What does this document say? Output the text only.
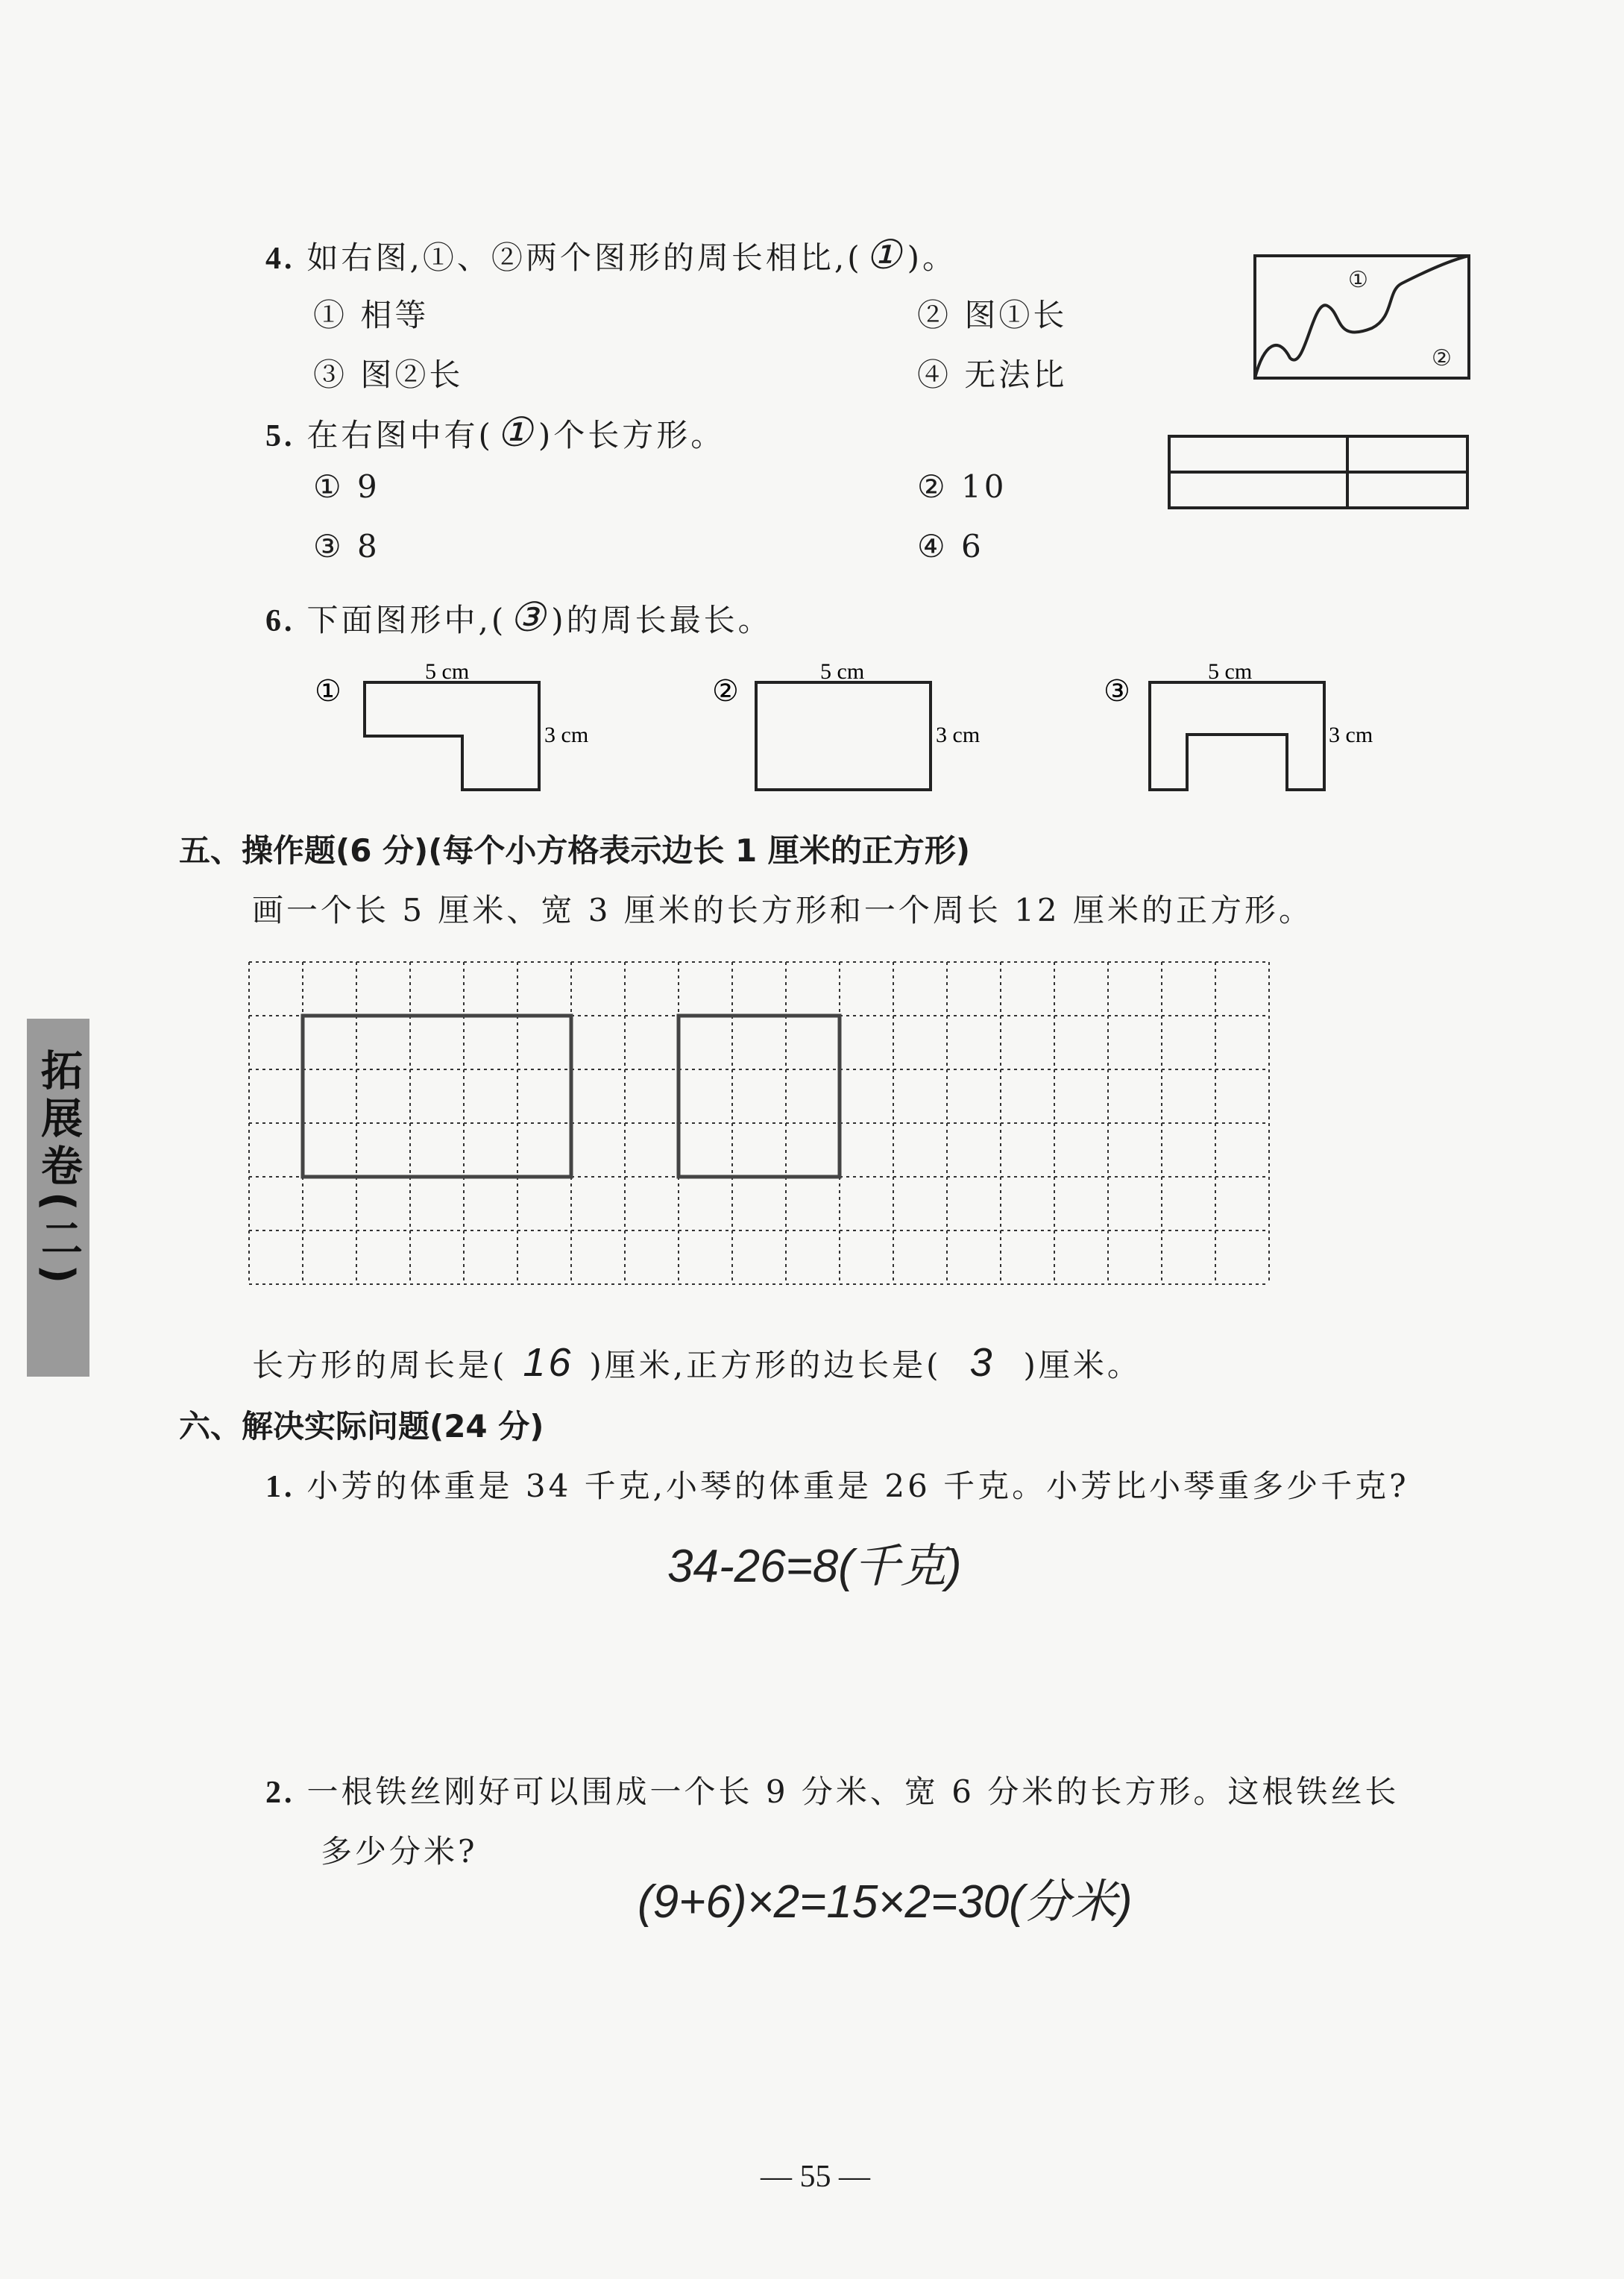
4. 如右图,①、②两个图形的周长相比,(①)。
① 相等	② 图①长
③ 图②长	④ 无法比
①
②
5. 在右图中有(①)个长方形。
① 9	② 10
③ 8	④ 6
6. 下面图形中,(③)的周长最长。
①
5 cm
3 cm
②
5 cm
3 cm
③
5 cm
3 cm
五、操作题(6 分)(每个小方格表示边长 1 厘米的正方形)
画一个长 5 厘米、宽 3 厘米的长方形和一个周长 12 厘米的正方形。
长方形的周长是( 16 )厘米,正方形的边长是( 3 )厘米。
六、解决实际问题(24 分)
1. 小芳的体重是 34 千克,小琴的体重是 26 千克。小芳比小琴重多少千克?
34-26=8(千克)
2. 一根铁丝刚好可以围成一个长 9 分米、宽 6 分米的长方形。这根铁丝长
多少分米?
(9+6)×2=15×2=30(分米)
拓展卷(二)
— 55 —
